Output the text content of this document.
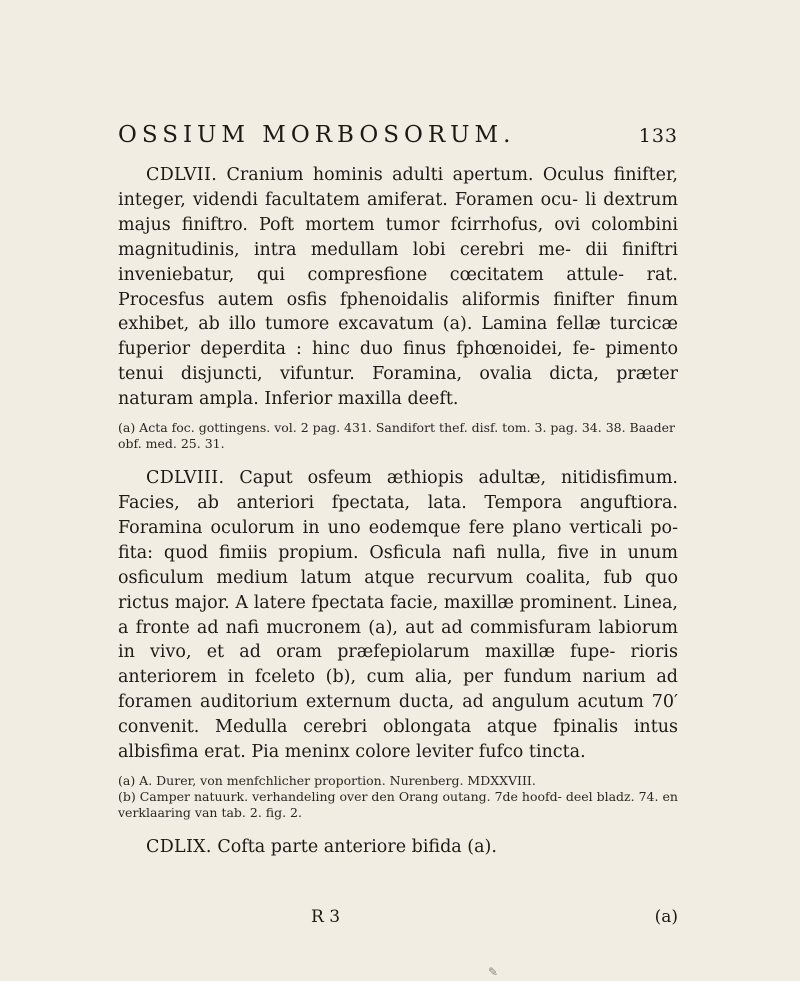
OSSIUM MORBOSORUM.	133

CDLVII. Cranium hominis adulti apertum. Oculus finifter, integer, videndi facultatem amiferat. Foramen ocu- li dextrum majus finiftro. Poft mortem tumor fcirrhofus, ovi colombini magnitudinis, intra medullam lobi cerebri me- dii finiftri inveniebatur, qui compresfione cœcitatem attule- rat. Procesfus autem osfis fphenoidalis aliformis finifter finum exhibet, ab illo tumore excavatum (a). Lamina fellæ turcicæ fuperior deperdita : hinc duo finus fphœnoidei, fe- pimento tenui disjuncti, vifuntur. Foramina, ovalia dicta, præter naturam ampla. Inferior maxilla deeft.

(a) Acta foc. gottingens. vol. 2 pag. 431. Sandifort thef. disf. tom. 3. pag. 34. 38. Baader obf. med. 25. 31.

CDLVIII. Caput osfeum æthiopis adultæ, nitidisfimum. Facies, ab anteriori fpectata, lata. Tempora anguftiora. Foramina oculorum in uno eodemque fere plano verticali po- fita: quod fimiis propium. Osficula nafi nulla, five in unum osficulum medium latum atque recurvum coalita, fub quo rictus major. A latere fpectata facie, maxillæ prominent. Linea, a fronte ad nafi mucronem (a), aut ad commisfuram labiorum in vivo, et ad oram præfepiolarum maxillæ fupe- rioris anteriorem in fceleto (b), cum alia, per fundum narium ad foramen auditorium externum ducta, ad angulum acutum 70′ convenit. Medulla cerebri oblongata atque fpinalis intus albisfima erat. Pia meninx colore leviter fufco tincta.

(a) A. Durer, von menfchlicher proportion. Nurenberg. MDXXVIII.

(b) Camper natuurk. verhandeling over den Orang outang. 7de hoofd- deel bladz. 74. en verklaaring van tab. 2. fig. 2.

CDLIX. Cofta parte anteriore bifida (a).

R 3	(a)
✎
